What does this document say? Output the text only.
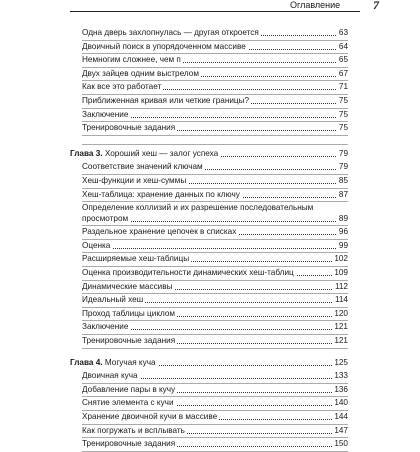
Оглавление	7
Одна дверь захлопнулась — другая откроется	63
Двоичный поиск в упорядоченном массиве	64
Немногим сложнее, чем п	65
Двух зайцев одним выстрелом	67
Как все это работает	71
Приближенная кривая или четкие границы?	75
Заключение	75
Тренировочные задания	75
Глава 3. Хороший хеш — залог успеха	79
Соответствие значений ключам	79
Хеш-функции и хеш-суммы	85
Хеш-таблица: хранение данных по ключу	87
Определение коллизий и их разрешение последовательным
просмотром	89
Раздельное хранение цепочек в списках	96
Оценка	99
Расширяемые хеш-таблицы	102
Оценка производительности динамических хеш-таблиц	109
Динамические массивы	112
Идеальный хеш	114
Проход таблицы циклом	120
Заключение	121
Тренировочные задания	121
Глава 4. Могучая куча	125
Двоичная куча	133
Добавление пары в кучу	136
Снятие элемента с кучи	140
Хранение двоичной кучи в массиве	144
Как погружать и всплывать	147
Тренировочные задания	150
